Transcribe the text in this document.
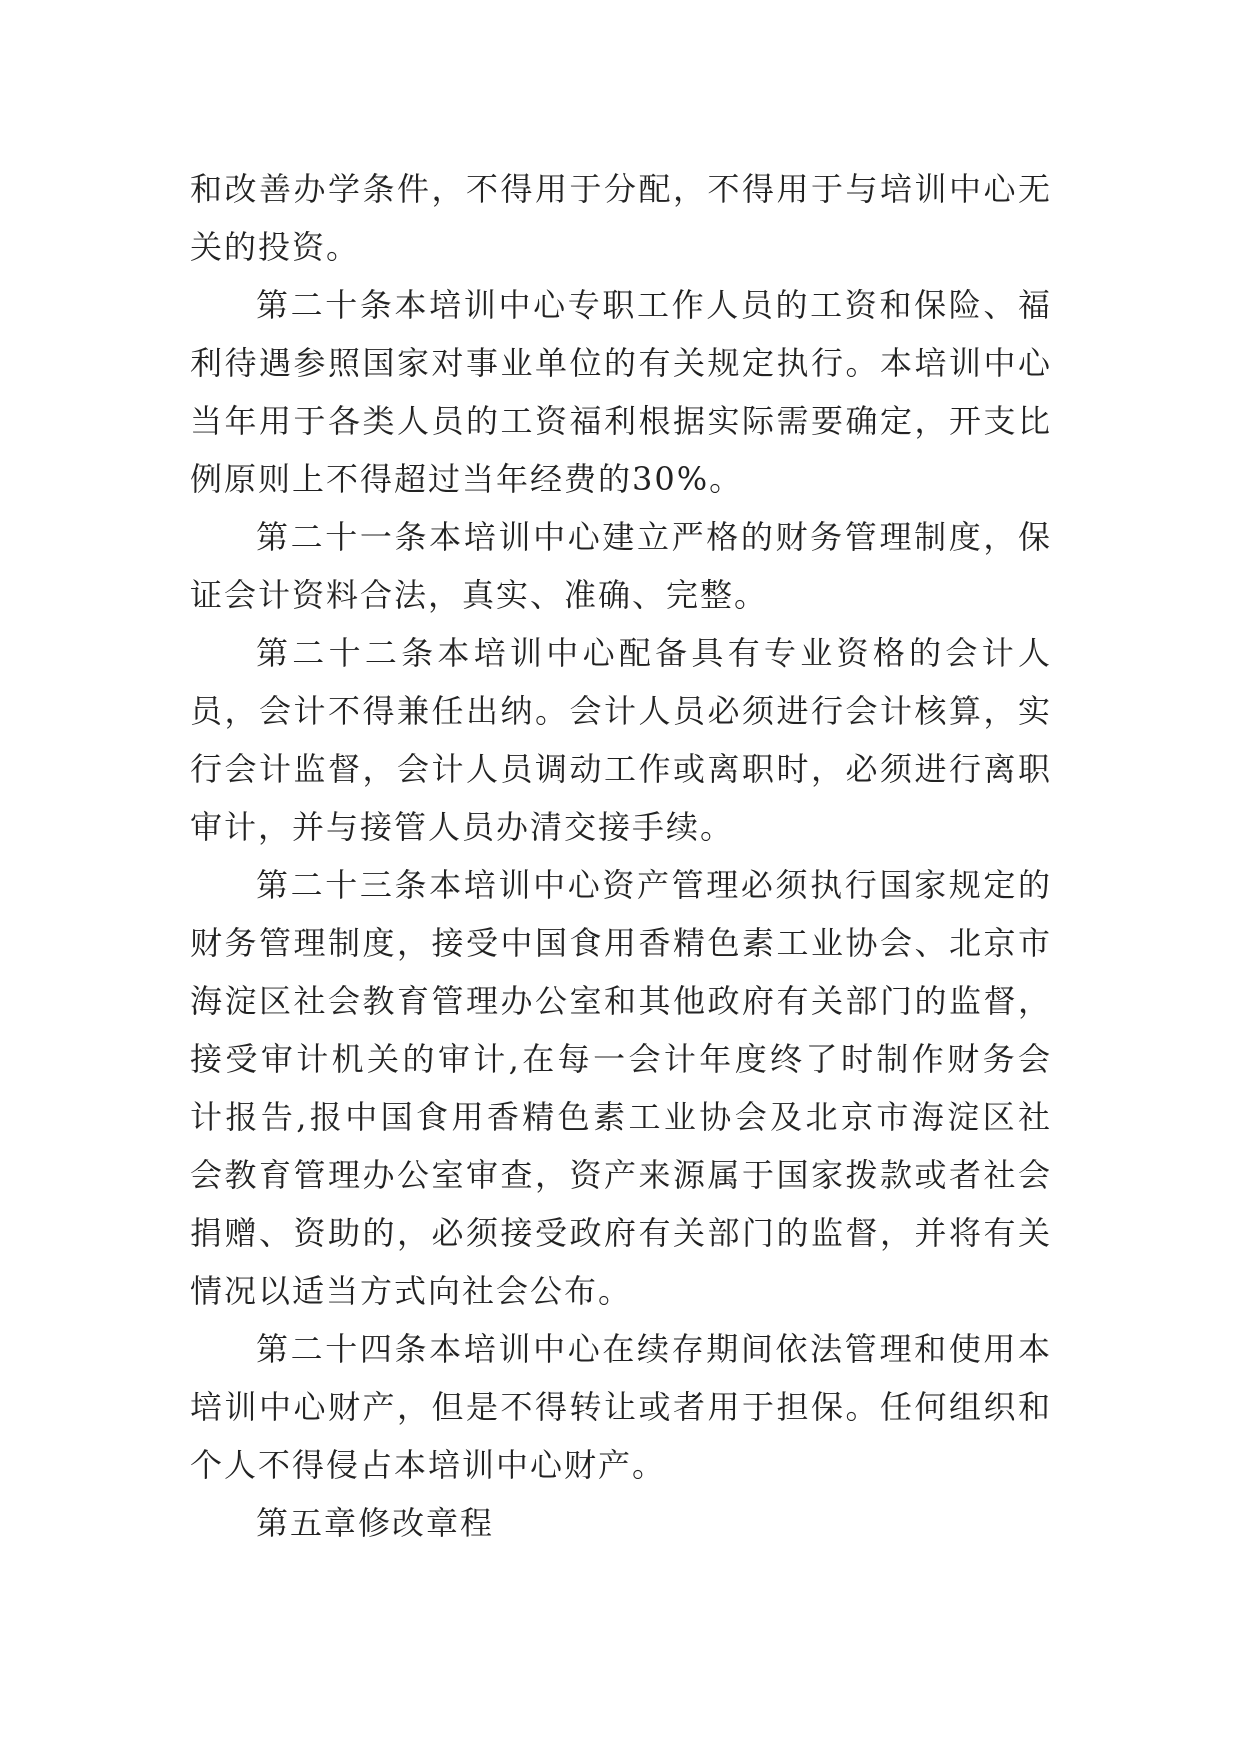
和改善办学条件，不得用于分配，不得用于与培训中心无关的投资。

第二十条本培训中心专职工作人员的工资和保险、福利待遇参照国家对事业单位的有关规定执行。本培训中心当年用于各类人员的工资福利根据实际需要确定，开支比例原则上不得超过当年经费的30%。

第二十一条本培训中心建立严格的财务管理制度，保证会计资料合法，真实、准确、完整。

第二十二条本培训中心配备具有专业资格的会计人员，会计不得兼任出纳。会计人员必须进行会计核算，实行会计监督，会计人员调动工作或离职时，必须进行离职审计，并与接管人员办清交接手续。

第二十三条本培训中心资产管理必须执行国家规定的财务管理制度，接受中国食用香精色素工业协会、北京市海淀区社会教育管理办公室和其他政府有关部门的监督，接受审计机关的审计,在每一会计年度终了时制作财务会计报告,报中国食用香精色素工业协会及北京市海淀区社会教育管理办公室审查，资产来源属于国家拨款或者社会捐赠、资助的，必须接受政府有关部门的监督，并将有关情况以适当方式向社会公布。

第二十四条本培训中心在续存期间依法管理和使用本培训中心财产，但是不得转让或者用于担保。任何组织和个人不得侵占本培训中心财产。

第五章修改章程
